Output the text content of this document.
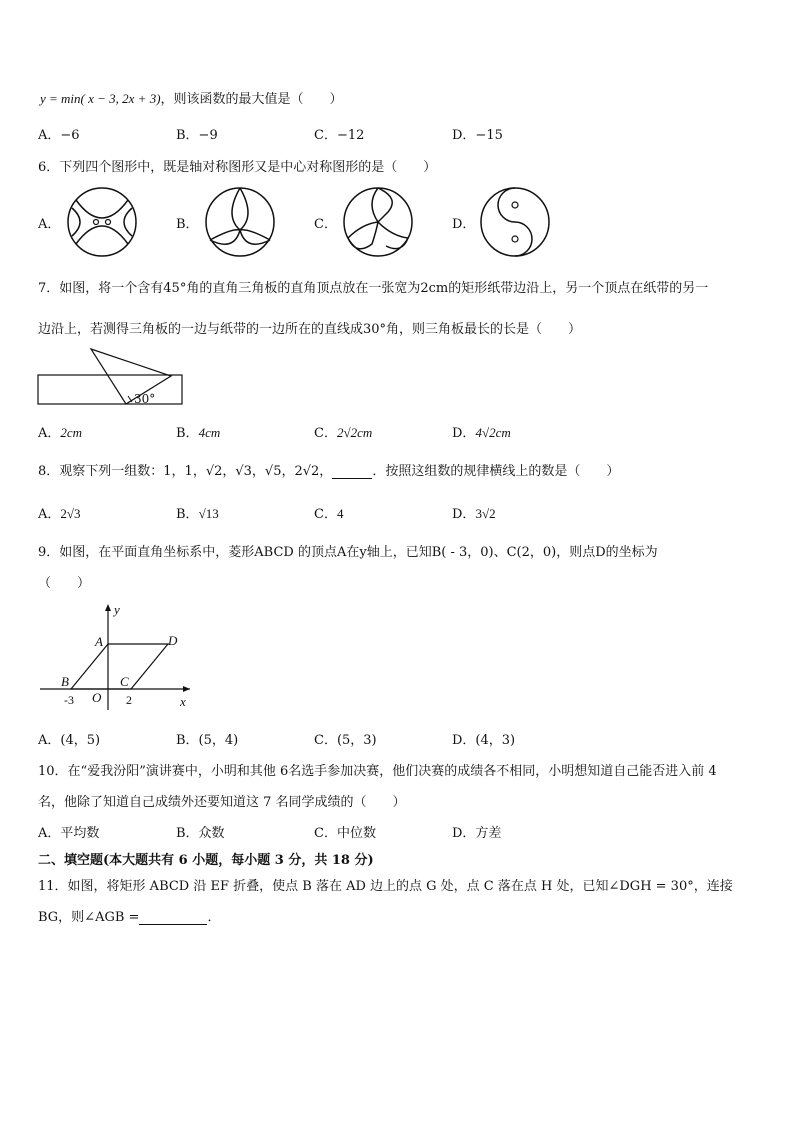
y = min( x − 3, 2x + 3)，则该函数的最大值是（　　）
A．−6	B．−9	C．−12	D．−15
6．下列四个图形中，既是轴对称图形又是中心对称图形的是（　　）
A．	B．	C．	D．
7．如图，将一个含有45°角的直角三角板的直角顶点放在一张宽为2cm的矩形纸带边沿上，另一个顶点在纸带的另一
边沿上，若测得三角板的一边与纸带的一边所在的直线成30°角，则三角板最长的长是（　　）
30°
A．2cm	B．4cm	C．2√2cm	D．4√2cm
8．观察下列一组数：1，1，√2，√3，√5，2√2，	．按照这组数的规律横线上的数是（　　）
A．2√3	B．√13	C．4	D．3√2
9．如图，在平面直角坐标系中，菱形ABCD 的顶点A在y轴上，已知B( - 3，0)、C(2，0)，则点D的坐标为
（　　）
y
x
A	D
B	C
O
-3	2
A．(4，5)	B．(5，4)	C．(5，3)	D．(4，3)
10．在“爱我汾阳”演讲赛中，小明和其他 6名选手参加决赛，他们决赛的成绩各不相同，小明想知道自己能否进入前 4
名，他除了知道自己成绩外还要知道这 7 名同学成绩的（　　）
A．平均数	B．众数	C．中位数	D．方差
二、填空题(本大题共有 6 小题，每小题 3 分，共 18 分)
11．如图，将矩形 ABCD 沿 EF 折叠，使点 B 落在 AD 边上的点 G 处，点 C 落在点 H 处，已知∠DGH = 30°，连接
BG，则∠AGB =	．
